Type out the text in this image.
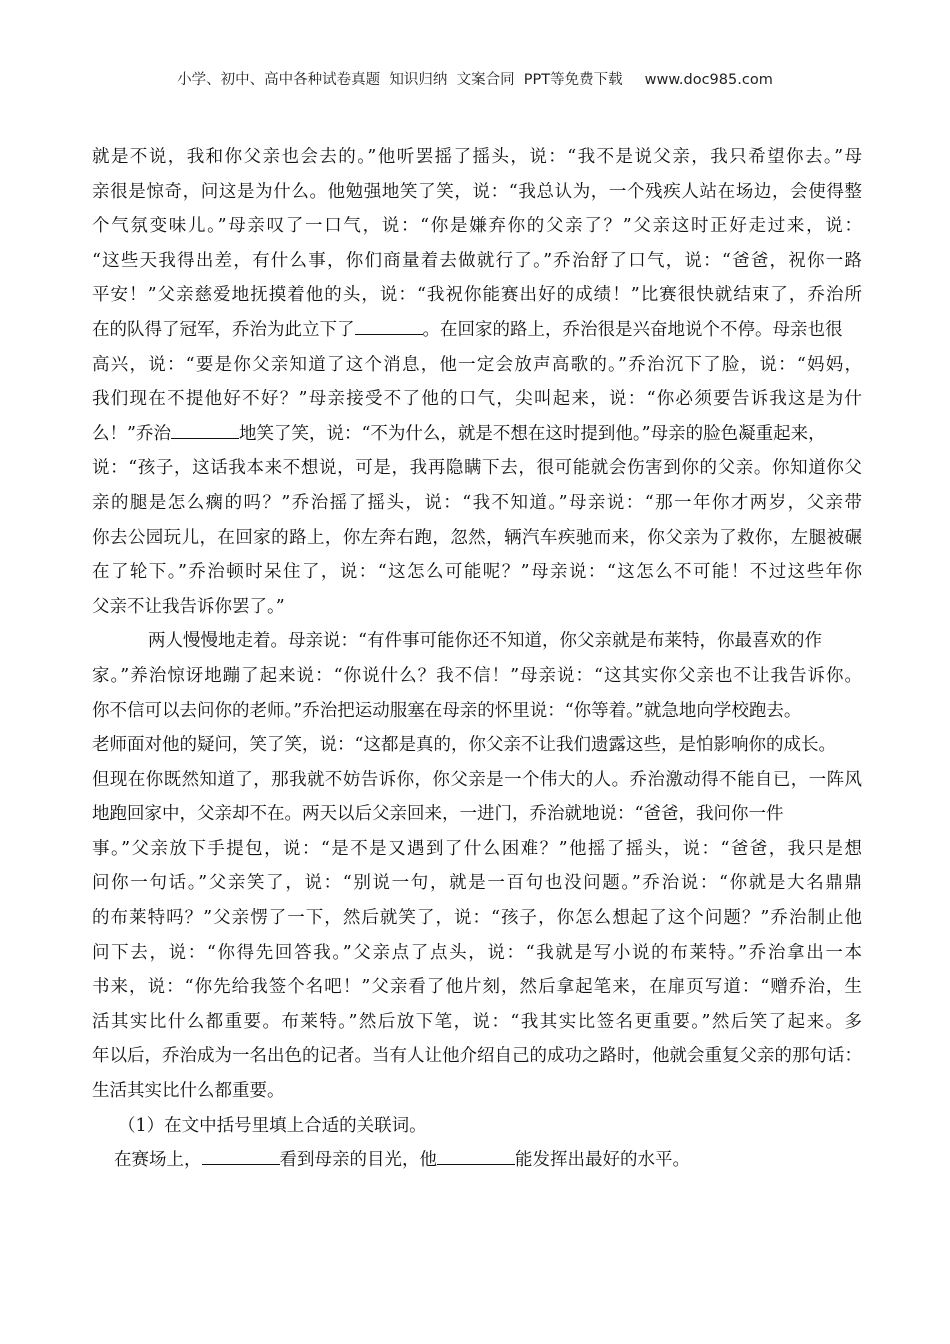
小学、初中、高中各种试卷真题  知识归纳  文案合同  PPT等免费下载 www.doc985.com
就是不说，我和你父亲也会去的。”他听罢摇了摇头，说：“我不是说父亲，我只希望你去。”母
亲很是惊奇，问这是为什么。他勉强地笑了笑，说：“我总认为，一个残疾人站在场边，会使得整
个气氛变味儿。”母亲叹了一口气，说：“你是嫌弃你的父亲了？”父亲这时正好走过来，说：
“这些天我得出差，有什么事，你们商量着去做就行了。”乔治舒了口气，说：“爸爸，祝你一路
平安！”父亲慈爱地抚摸着他的头，说：“我祝你能赛出好的成绩！”比赛很快就结束了，乔治所
在的队得了冠军，乔治为此立下了	。在回家的路上，乔治很是兴奋地说个不停。母亲也很
高兴，说：“要是你父亲知道了这个消息，他一定会放声高歌的。”乔治沉下了脸，说：“妈妈，
我们现在不提他好不好？”母亲接受不了他的口气，尖叫起来，说：“你必须要告诉我这是为什
么！”乔治	地笑了笑，说：“不为什么，就是不想在这时提到他。”母亲的脸色凝重起来，
说：“孩子，这话我本来不想说，可是，我再隐瞒下去，很可能就会伤害到你的父亲。你知道你父
亲的腿是怎么瘸的吗？”乔治摇了摇头，说：“我不知道。”母亲说：“那一年你才两岁，父亲带
你去公园玩儿，在回家的路上，你左奔右跑，忽然，辆汽车疾驰而来，你父亲为了救你，左腿被碾
在了轮下。”乔治顿时呆住了，说：“这怎么可能呢？”母亲说：“这怎么不可能！不过这些年你
父亲不让我告诉你罢了。”
两人慢慢地走着。母亲说：“有件事可能你还不知道，你父亲就是布莱特，你最喜欢的作
家。”养治惊讶地蹦了起来说：“你说什么？我不信！”母亲说：“这其实你父亲也不让我告诉你。
你不信可以去问你的老师。”乔治把运动服塞在母亲的怀里说：“你等着。”就急地向学校跑去。
老师面对他的疑问，笑了笑，说：“这都是真的，你父亲不让我们遗露这些，是怕影响你的成长。
但现在你既然知道了，那我就不妨告诉你，你父亲是一个伟大的人。乔治激动得不能自已，一阵风
地跑回家中，父亲却不在。两天以后父亲回来，一进门，乔治就地说：“爸爸，我问你一件
事。”父亲放下手提包，说：“是不是又遇到了什么困难？”他摇了摇头，说：“爸爸，我只是想
问你一句话。”父亲笑了，说：“别说一句，就是一百句也没问题。”乔治说：“你就是大名鼎鼎
的布莱特吗？”父亲愣了一下，然后就笑了，说：“孩子，你怎么想起了这个问题？”乔治制止他
问下去，说：“你得先回答我。”父亲点了点头，说：“我就是写小说的布莱特。”乔治拿出一本
书来，说：“你先给我签个名吧！”父亲看了他片刻，然后拿起笔来，在扉页写道：“赠乔治，生
活其实比什么都重要。布莱特。”然后放下笔，说：“我其实比签名更重要。”然后笑了起来。多
年以后，乔治成为一名出色的记者。当有人让他介绍自己的成功之路时，他就会重复父亲的那句话：
生活其实比什么都重要。
（1）在文中括号里填上合适的关联词。
在赛场上，	看到母亲的目光，他	能发挥出最好的水平。
